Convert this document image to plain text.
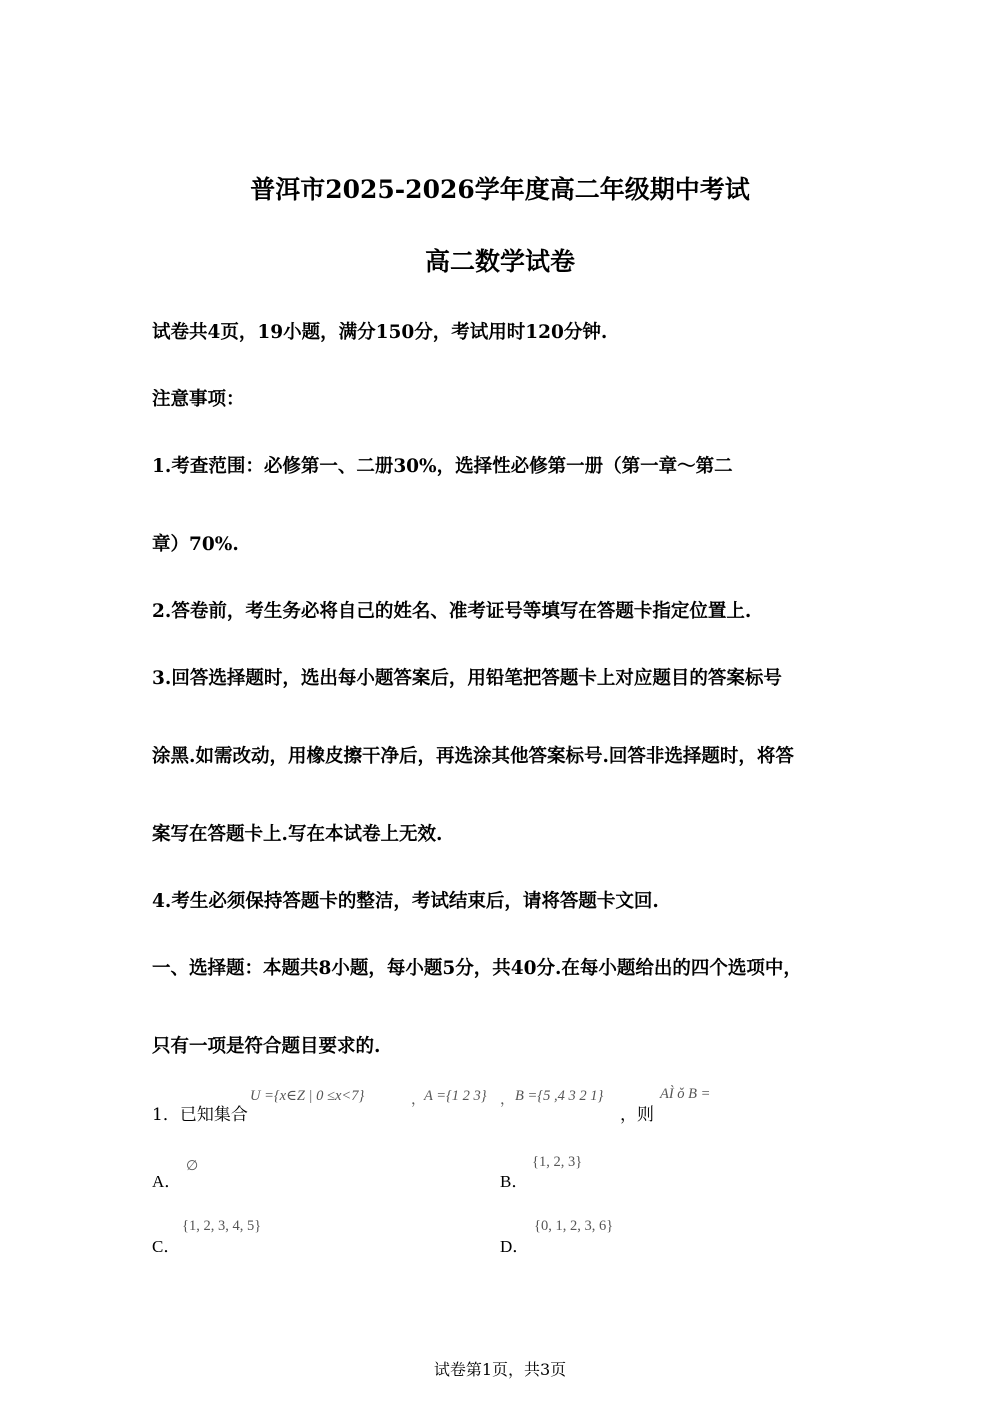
普洱市2025-2026学年度高二年级期中考试
高二数学试卷
试卷共4页，19小题，满分150分，考试用时120分钟.
注意事项：
1.考查范围：必修第一、二册30%，选择性必修第一册（第一章～第二
章）70%.
2.答卷前，考生务必将自己的姓名、准考证号等填写在答题卡指定位置上.
3.回答选择题时，选出每小题答案后，用铅笔把答题卡上对应题目的答案标号
涂黑.如需改动，用橡皮擦干净后，再选涂其他答案标号.回答非选择题时，将答
案写在答题卡上.写在本试卷上无效.
4.考生必须保持答题卡的整洁，考试结束后，请将答题卡文回.
一、选择题：本题共8小题，每小题5分，共40分.在每小题给出的四个选项中，
只有一项是符合题目要求的.
1．已知集合
U ={x∈Z | 0 ≤x<7}	，
A ={1 2 3} ， B ={5 ,4 3 2 1}
，则
AÌ ǒ B =
A．
∅
B．
{1, 2, 3}
C．
{1, 2, 3, 4, 5}
D．
{0, 1, 2, 3, 6}
试卷第1页，共3页
